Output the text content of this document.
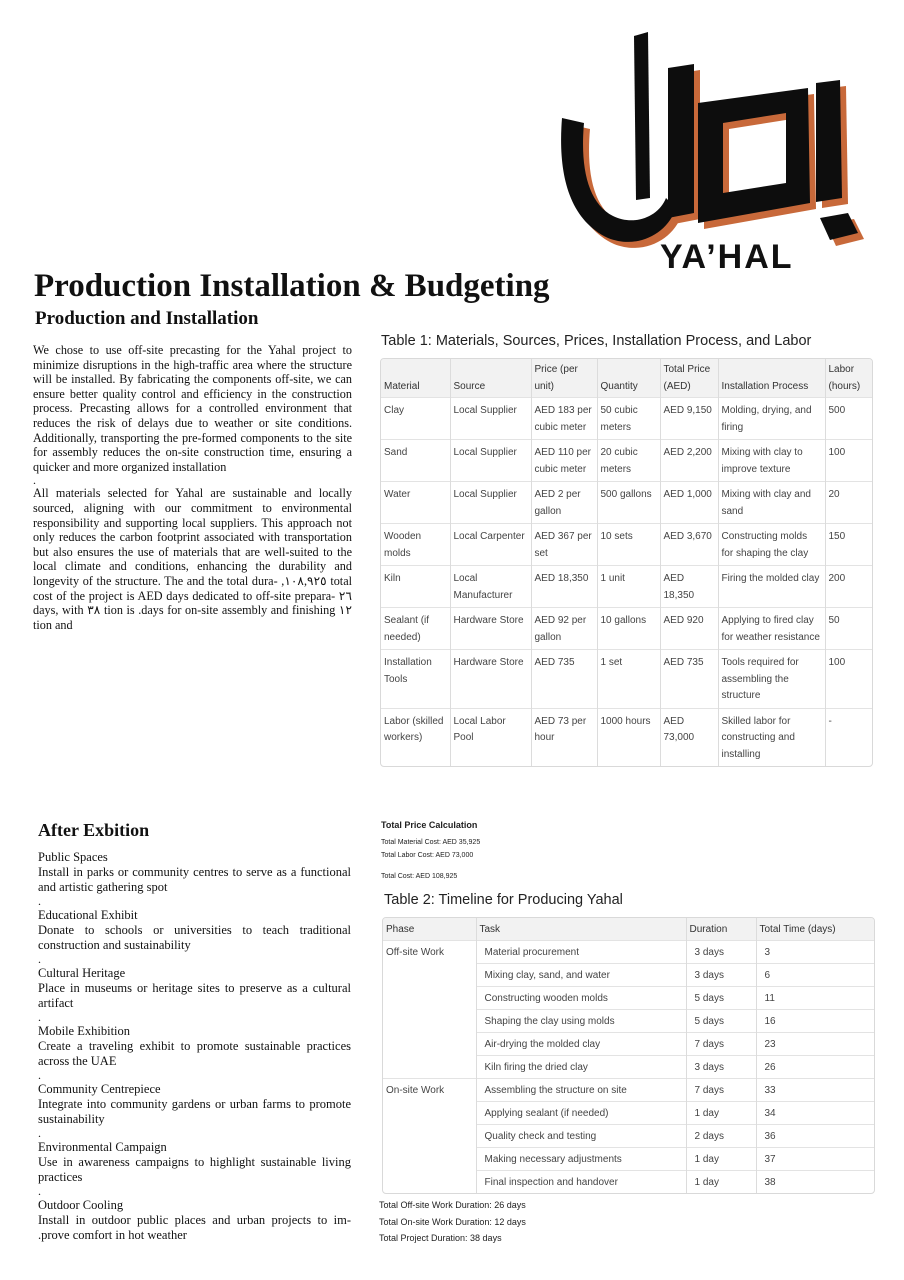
YA’HAL
Production Installation & Budgeting
Production and Installation

We chose to use off-site precasting for the Yahal project to minimize disruptions in the high-traffic area where the structure will be installed. By fabricating the components off-site, we can ensure better quality control and efficiency in the construction process. Precasting allows for a controlled environment that reduces the risk of delays due to weather or site conditions. Additionally, transporting the pre-formed components to the site for assembly reduces the on-site construction time, ensuring a quicker and more organized installation

.

All materials selected for Yahal are sustainable and locally sourced, aligning with our commitment to environmental responsibility and supporting local suppliers. This approach not only reduces the carbon footprint associated with transportation but also ensures the use of materials that are well-suited to the local climate and conditions, enhancing the durability and longevity of the structure. The and the total dura- ,١٠٨,٩٢٥ total cost of the project is AED days dedicated to off-site prepara- ٢٦ days, with ٣٨ tion is .days for on-site assembly and finishing ١٢ tion and

After Exbition

Public Spaces

Install in parks or community centres to serve as a functional and artistic gathering spot

.

Educational Exhibit

Donate to schools or universities to teach traditional construction and sustainability

.

Cultural Heritage

Place in museums or heritage sites to preserve as a cultural artifact

.

Mobile Exhibition

Create a traveling exhibit to promote sustainable practices across the UAE

.

Community Centrepiece

Integrate into community gardens or urban farms to promote sustainability

.

Environmental Campaign

Use in awareness campaigns to highlight sustainable living practices

.

Outdoor Cooling

Install in outdoor public places and urban projects to im- .prove comfort in hot weather

Table 1: Materials, Sources, Prices, Installation Process, and Labor
Material	Source	Price (per unit)	Quantity	Total Price (AED)	Installation Process	Labor (hours)
Clay	Local Supplier	AED 183 per cubic meter	50 cubic meters	AED 9,150	Molding, drying, and firing	500
Sand	Local Supplier	AED 110 per cubic meter	20 cubic meters	AED 2,200	Mixing with clay to improve texture	100
Water	Local Supplier	AED 2 per gallon	500 gallons	AED 1,000	Mixing with clay and sand	20
Wooden molds	Local Carpenter	AED 367 per set	10 sets	AED 3,670	Constructing molds for shaping the clay	150
Kiln	Local Manufacturer	AED 18,350	1 unit	AED 18,350	Firing the molded clay	200
Sealant (if needed)	Hardware Store	AED 92 per gallon	10 gallons	AED 920	Applying to fired clay for weather resistance	50
Installation Tools	Hardware Store	AED 735	1 set	AED 735	Tools required for assembling the structure	100
Labor (skilled workers)	Local Labor Pool	AED 73 per hour	1000 hours	AED 73,000	Skilled labor for constructing and installing	-

Total Price Calculation

Total Material Cost: AED 35,925

Total Labor Cost: AED 73,000

Total Cost: AED 108,925

Table 2: Timeline for Producing Yahal
Phase	Task	Duration	Total Time (days)
Off-site Work	Material procurement	3 days	3
	Mixing clay, sand, and water	3 days	6
	Constructing wooden molds	5 days	11
	Shaping the clay using molds	5 days	16
	Air-drying the molded clay	7 days	23
	Kiln firing the dried clay	3 days	26
On-site Work	Assembling the structure on site	7 days	33
	Applying sealant (if needed)	1 day	34
	Quality check and testing	2 days	36
	Making necessary adjustments	1 day	37
	Final inspection and handover	1 day	38

Total Off-site Work Duration: 26 days

Total On-site Work Duration: 12 days

Total Project Duration: 38 days
